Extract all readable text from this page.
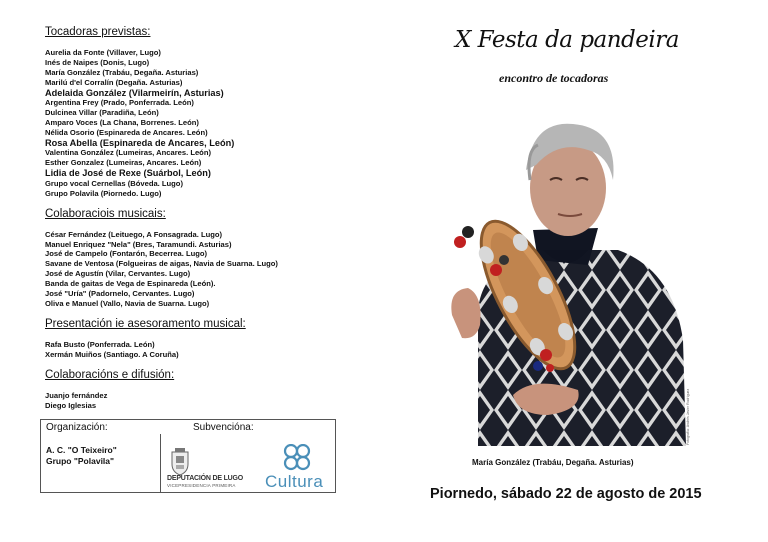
Tocadoras previstas:
Aurelia da Fonte (Villaver, Lugo)
Inés de Naipes (Donis, Lugo)
María González (Trabáu, Degaña. Asturias)
Marilú d'el Corralín (Degaña. Asturias)
Adelaida González (Vilarmeirín, Asturias)
Argentina Frey (Prado, Ponferrada. León)
Dulcinea Villar (Paradiña, León)
Amparo Voces (La Chana, Borrenes. León)
Nélida Osorio (Espinareda de Ancares. León)
Rosa Abella (Espinareda de Ancares, León)
Valentina González (Lumeiras, Ancares. León)
Esther Gonzalez (Lumeiras, Ancares. León)
Lidia de José de Rexe (Suárbol, León)
Grupo vocal Cernellas (Bóveda. Lugo)
Grupo Polavila (Piornedo. Lugo)
Colaboraciois musicais:
César Fernández (Leituego, A Fonsagrada. Lugo)
Manuel Enriquez "Nela" (Bres, Taramundi. Asturias)
José de Campelo (Fontarón, Becerrea. Lugo)
Savane de Ventosa (Folgueiras de aigas, Navia de Suarna. Lugo)
José de Agustín (Vilar, Cervantes. Lugo)
Banda de gaitas de Vega de Espinareda (León).
José "Uría" (Padornelo, Cervantes. Lugo)
Oliva e Manuel (Vallo, Navia de Suarna. Lugo)
Presentación ie asesoramento musical:
Rafa Busto (Ponferrada. León)
Xermán Muiños (Santiago. A Coruña)
Colaboracións e difusión:
Juanjo fernández
Diego Iglesias
Organización:	Subvencióna:
A. C. "O Teixeiro"
Grupo "Polavila"
DEPUTACIÓN DE LUGO
VICEPRESIDENCIA PRIMEIRA Cultura
X Festa da pandeira
encontro de tocadoras
Fotografía: Andrés Javier Rodríguez
María González (Trabáu, Degaña. Asturias)
Piornedo, sábado 22 de agosto de 2015
